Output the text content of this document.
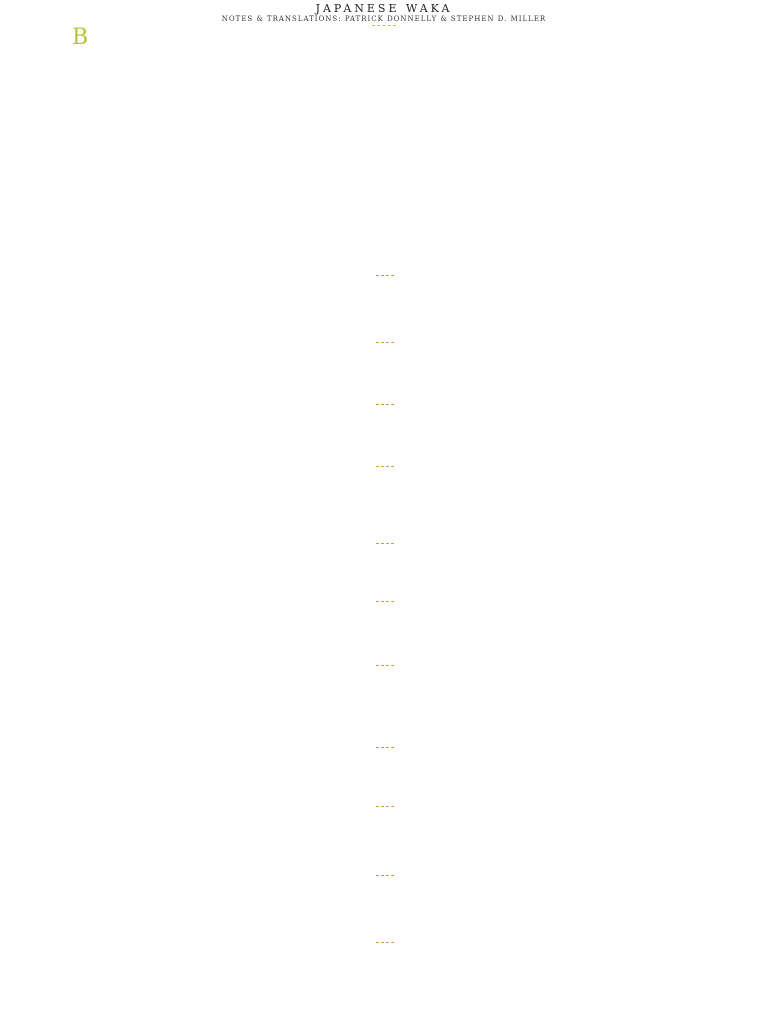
JAPANESE WAKA
NOTES & TRANSLATIONS: PATRICK DONNELLY & STEPHEN D. MILLER
B
